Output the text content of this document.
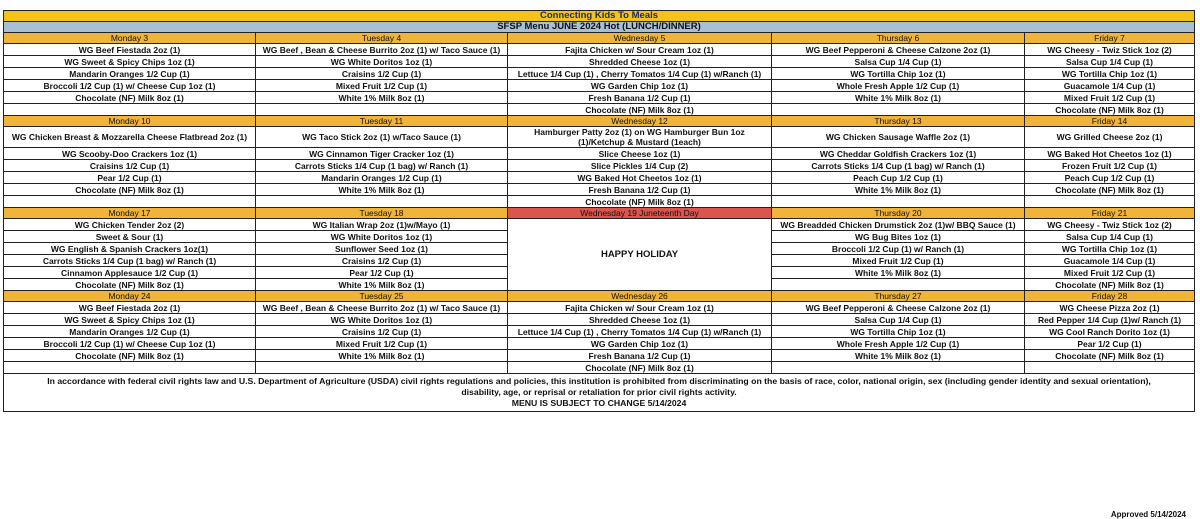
Connecting Kids To Meals				
SFSP Menu JUNE 2024 Hot (LUNCH/DINNER)				
Monday 3	Tuesday 4	Wednesday 5	Thursday 6	Friday 7
WG Beef Fiestada 2oz (1)	WG Beef , Bean & Cheese Burrito 2oz (1) w/ Taco Sauce (1)	Fajita Chicken w/ Sour Cream 1oz (1)	WG Beef Pepperoni & Cheese Calzone 2oz (1)	WG Cheesy - Twiz Stick 1oz (2)
WG Sweet & Spicy Chips 1oz (1)	WG White Doritos 1oz (1)	Shredded Cheese 1oz (1)	Salsa Cup 1/4 Cup (1)	Salsa Cup 1/4 Cup (1)
Mandarin Oranges 1/2 Cup (1)	Craisins 1/2 Cup (1)	Lettuce 1/4 Cup (1) , Cherry Tomatos 1/4 Cup (1) w/Ranch (1)	WG Tortilla Chip 1oz (1)	WG Tortilla Chip 1oz (1)
Broccoli 1/2 Cup (1) w/ Cheese Cup 1oz (1)	Mixed Fruit 1/2 Cup (1)	WG Garden Chip 1oz (1)	Whole Fresh Apple 1/2 Cup (1)	Guacamole 1/4 Cup (1)
Chocolate (NF) Milk 8oz (1)	White 1% Milk 8oz (1)	Fresh Banana 1/2 Cup (1)	White 1% Milk 8oz (1)	Mixed Fruit 1/2 Cup (1)
		Chocolate (NF) Milk 8oz (1)		Chocolate (NF) Milk 8oz (1)
Monday 10	Tuesday 11	Wednesday 12	Thursday 13	Friday 14
WG Chicken Breast & Mozzarella Cheese Flatbread 2oz (1)	WG Taco Stick 2oz (1) w/Taco Sauce (1)	Hamburger Patty 2oz (1) on WG Hamburger Bun 1oz (1)/Ketchup & Mustard (1each)	WG Chicken Sausage Waffle 2oz (1)	WG Grilled Cheese 2oz (1)
WG Scooby-Doo Crackers 1oz (1)	WG Cinnamon Tiger Cracker 1oz (1)	Slice Cheese 1oz (1)	WG Cheddar Goldfish Crackers 1oz (1)	WG Baked Hot Cheetos 1oz (1)
Craisins 1/2 Cup (1)	Carrots Sticks 1/4 Cup (1 bag) w/ Ranch (1)	Slice Pickles 1/4 Cup (2)	Carrots Sticks 1/4 Cup (1 bag) w/ Ranch (1)	Frozen Fruit 1/2 Cup (1)
Pear 1/2 Cup (1)	Mandarin Oranges 1/2 Cup (1)	WG Baked Hot Cheetos 1oz (1)	Peach Cup 1/2 Cup (1)	Peach Cup 1/2 Cup (1)
Chocolate (NF) Milk 8oz (1)	White 1% Milk 8oz (1)	Fresh Banana 1/2 Cup (1)	White 1% Milk 8oz (1)	Chocolate (NF) Milk 8oz (1)
		Chocolate (NF) Milk 8oz (1)		
Monday 17	Tuesday 18	Wednesday 19 Juneteenth Day	Thursday 20	Friday 21
WG Chicken Tender 2oz (2)	WG Italian Wrap 2oz (1)w/Mayo (1)	HAPPY HOLIDAY	WG Breadded Chicken Drumstick 2oz (1)w/ BBQ Sauce (1)	WG Cheesy - Twiz Stick 1oz (2)
Sweet & Sour (1)	WG White Doritos 1oz (1)		WG Bug Bites 1oz (1)	Salsa Cup 1/4 Cup (1)
WG English & Spanish Crackers 1oz(1)	Sunflower Seed 1oz (1)		Broccoli 1/2 Cup (1) w/ Ranch (1)	WG Tortilla Chip 1oz (1)
Carrots Sticks 1/4 Cup (1 bag) w/ Ranch (1)	Craisins 1/2 Cup (1)		Mixed Fruit 1/2 Cup (1)	Guacamole 1/4 Cup (1)
Cinnamon Applesauce 1/2 Cup (1)	Pear 1/2 Cup (1)		White 1% Milk 8oz (1)	Mixed Fruit 1/2 Cup (1)
Chocolate (NF) Milk 8oz (1)	White 1% Milk 8oz (1)			Chocolate (NF) Milk 8oz (1)
Monday 24	Tuesday 25	Wednesday 26	Thursday 27	Friday 28
WG Beef Fiestada 2oz (1)	WG Beef , Bean & Cheese Burrito 2oz (1) w/ Taco Sauce (1)	Fajita Chicken w/ Sour Cream 1oz (1)	WG Beef Pepperoni & Cheese Calzone 2oz (1)	WG Cheese Pizza 2oz (1)
WG Sweet & Spicy Chips 1oz (1)	WG White Doritos 1oz (1)	Shredded Cheese 1oz (1)	Salsa Cup 1/4 Cup (1)	Red Pepper 1/4 Cup (1)w/ Ranch (1)
Mandarin Oranges 1/2 Cup (1)	Craisins 1/2 Cup (1)	Lettuce 1/4 Cup (1) , Cherry Tomatos 1/4 Cup (1) w/Ranch (1)	WG Tortilla Chip 1oz (1)	WG Cool Ranch Dorito 1oz (1)
Broccoli 1/2 Cup (1) w/ Cheese Cup 1oz (1)	Mixed Fruit 1/2 Cup (1)	WG Garden Chip 1oz (1)	Whole Fresh Apple 1/2 Cup (1)	Pear 1/2 Cup (1)
Chocolate (NF) Milk 8oz (1)	White 1% Milk 8oz (1)	Fresh Banana 1/2 Cup (1)	White 1% Milk 8oz (1)	Chocolate (NF) Milk 8oz (1)
		Chocolate (NF) Milk 8oz (1)		

In accordance with federal civil rights law and U.S. Department of Agriculture (USDA) civil rights regulations and policies, this institution is prohibited from discriminating on the basis of race, color, national origin, sex (including gender identity and sexual orientation), disability, age, or reprisal or retaliation for prior civil rights activity.
MENU IS SUBJECT TO CHANGE 5/14/2024				
Approved 5/14/2024
